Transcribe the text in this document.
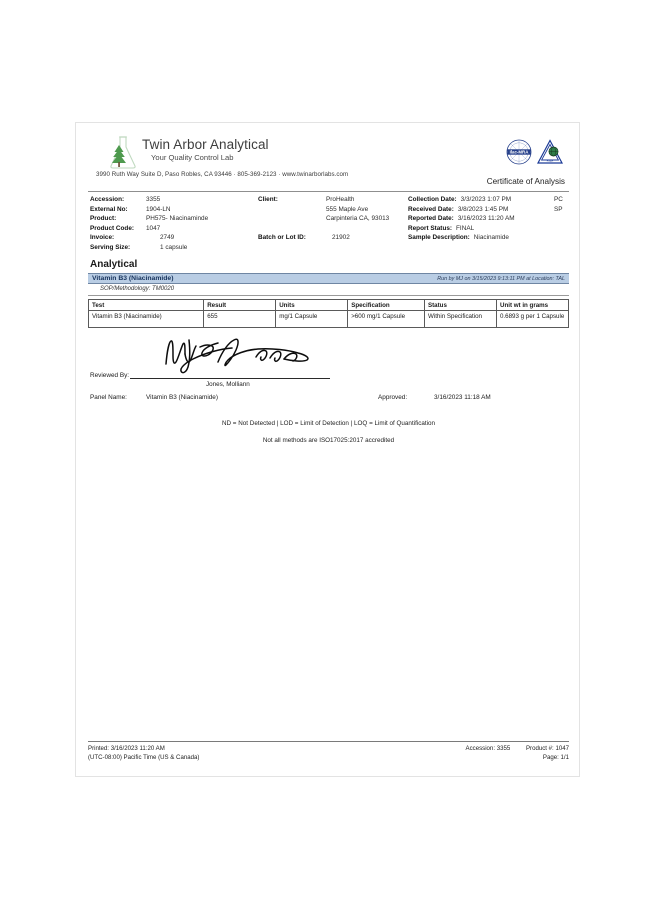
Twin Arbor Analytical
Your Quality Control Lab
ilac-MRA
PJLA
3990 Ruth Way Suite D, Paso Robles, CA 93446 · 805-369-2123 · www.twinarborlabs.com
Certificate of Analysis
Accession:	3355
External No:	1904-LN
Product:	PH575- Niacinaminde
Product Code:	1047
Invoice:	2749
Serving Size:	1 capsule
Client:	ProHealth
555 Maple Ave
Carpinteria CA, 93013

Batch or Lot ID:	21902
Collection Date: 3/3/2023 1:07 PM	PC
Received Date: 3/8/2023 1:45 PM	SP
Reported Date: 3/16/2023 11:20 AM
Report Status: FINAL
Sample Description: Niacinamide
Analytical
Vitamin B3 (Niacinamide)	Run by MJ on 3/15/2023 9:13:11 PM at Location: TAL
SOP/Methodology: TM0020
Test	Result	Units	Specification	Status	Unit wt in grams
Vitamin B3 (Niacinamide)	655	mg/1 Capsule	>600 mg/1 Capsule	Within Specification	0.6893 g per 1 Capsule
Reviewed By:
Jones, Molliann
Panel Name:	Vitamin B3 (Niacinamide)	Approved:	3/16/2023 11:18 AM
ND = Not Detected | LOD = Limit of Detection | LOQ = Limit of Quantification
Not all methods are ISO17025:2017 accredited
Printed: 3/16/2023 11:20 AM
(UTC-08:00) Pacific Time (US & Canada)
Accession: 3355	Product #: 1047
Page: 1/1
